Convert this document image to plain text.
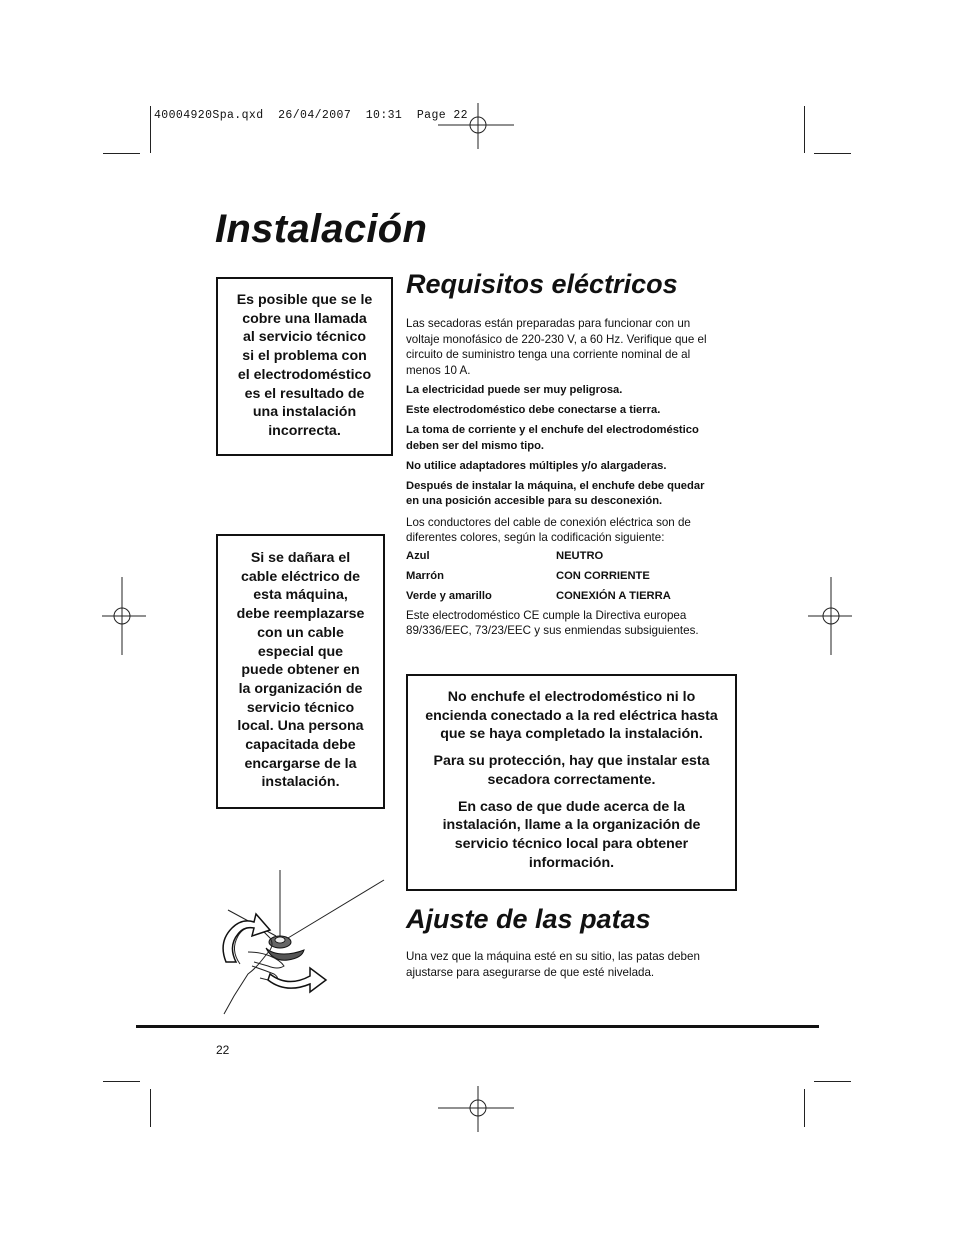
40004920Spa.qxd  26/04/2007  10:31  Page 22
Instalación

Es posible que se le

cobre una llamada

al servicio técnico

si el problema con

el electrodoméstico

es el resultado de

una instalación

incorrecta.

Si se dañara el

cable eléctrico de

esta máquina,

debe reemplazarse

con un cable

especial que

puede obtener en

la organización de

servicio técnico

local. Una persona

capacitada debe

encargarse de la

instalación.

Requisitos eléctricos

Las secadoras están preparadas para funcionar con un
voltaje monofásico de 220-230 V, a 60 Hz. Verifique que el
circuito de suministro tenga una corriente nominal de al
menos 10 A.

La electricidad puede ser muy peligrosa.

Este electrodoméstico debe conectarse a tierra.

La toma de corriente y el enchufe del electrodoméstico
deben ser del mismo tipo.

No utilice adaptadores múltiples y/o alargaderas.

Después de instalar la máquina, el enchufe debe quedar
en una posición accesible para su desconexión.

Los conductores del cable de conexión eléctrica son de
diferentes colores, según la codificación siguiente:

Azul	NEUTRO
Marrón	CON CORRIENTE
Verde y amarillo	CONEXIÓN A TIERRA

Este electrodoméstico CE cumple la Directiva europea
89/336/EEC, 73/23/EEC y sus enmiendas subsiguientes.

No enchufe el electrodoméstico ni lo
encienda conectado a la red eléctrica hasta
que se haya completado la instalación.

Para su protección, hay que instalar esta
secadora correctamente.

En caso de que dude acerca de la
instalación, llame a la organización de
servicio técnico local para obtener
información.

Ajuste de las patas

Una vez que la máquina esté en su sitio, las patas deben
ajustarse para asegurarse de que esté nivelada.

22
